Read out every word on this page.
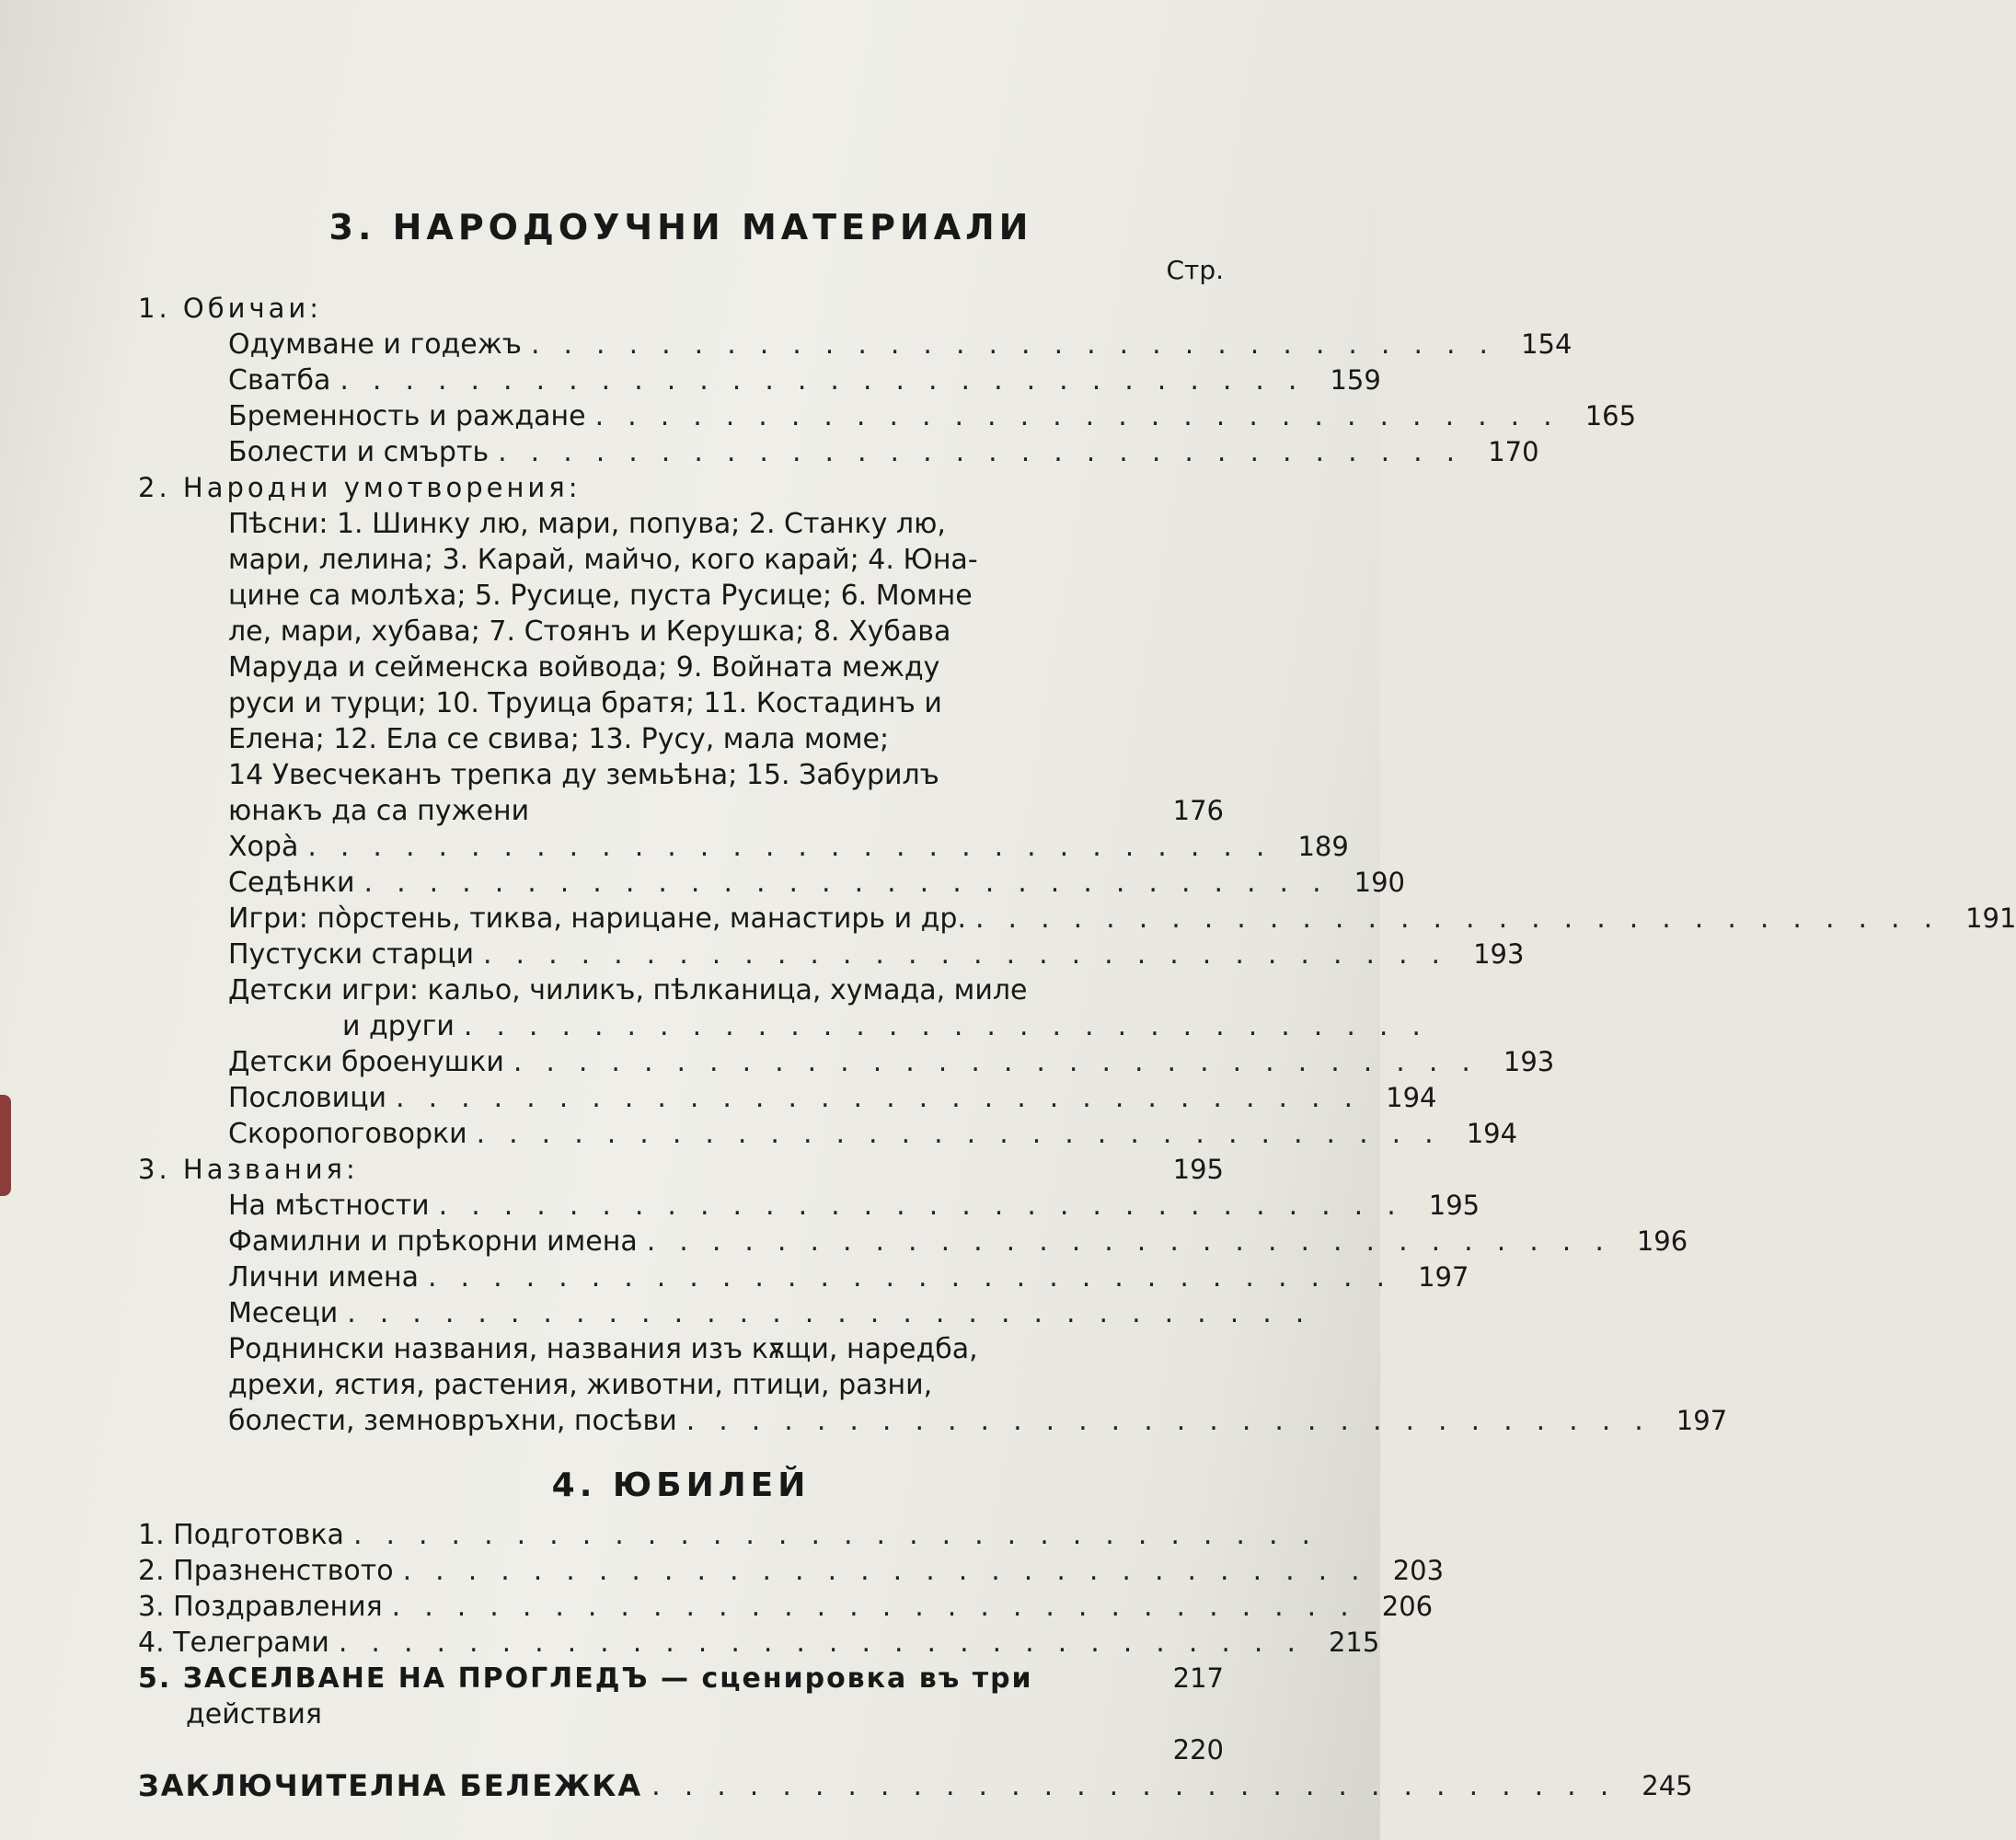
3. НАРОДОУЧНИ МАТЕРИАЛИ
Стр.
1. Обичаи:
Одумване и годежъ .............................. 154
Сватба .............................. 159
Бременность и раждане .............................. 165
Болести и смърть .............................. 170
2. Народни умотворения:
Пѣсни: 1. Шинку лю, мари, попува; 2. Станку лю,
мари, лелина; 3. Карай, майчо, кого карай; 4. Юна-
цине са молѣха; 5. Русице, пуста Русице; 6. Момне
ле, мари, хубава; 7. Стоянъ и Керушка; 8. Хубава
Маруда и сейменска войвода; 9. Войната между
руси и турци; 10. Труица братя; 11. Костадинъ и
Елена; 12. Ела се свива; 13. Русу, мала моме;
14 Увесчеканъ трепка ду земьѣна; 15. Забурилъ
юнакъ да са пужени	176
Хора̀ .............................. 189
Седѣнки .............................. 190
Игри: пòрстень, тиква, нарицане, манастирь и др. .............................. 191
Пустуски старци .............................. 193
Детски игри: кальо, чиликъ, пѣлканица, хумада, миле
и други ..............................
Детски броенушки .............................. 193
Пословици .............................. 194
Скоропоговорки .............................. 194
3. Названия:	195
На мѣстности .............................. 195
Фамилни и прѣкорни имена .............................. 196
Лични имена .............................. 197
Месеци ..............................
Роднински названия, названия изъ кѫщи, наредба,
дрехи, ястия, растения, животни, птици, разни,
болести, земновръхни, посѣви .............................. 197
4. ЮБИЛЕЙ
1. Подготовка ..............................
2. Празненството .............................. 203
3. Поздравления .............................. 206
4. Телеграми .............................. 215
5. ЗАСЕЛВАНЕ НА ПРОГЛЕДЪ — сценировка въ три	217
действия
220
ЗАКЛЮЧИТЕЛНА БЕЛЕЖКА .............................. 245
